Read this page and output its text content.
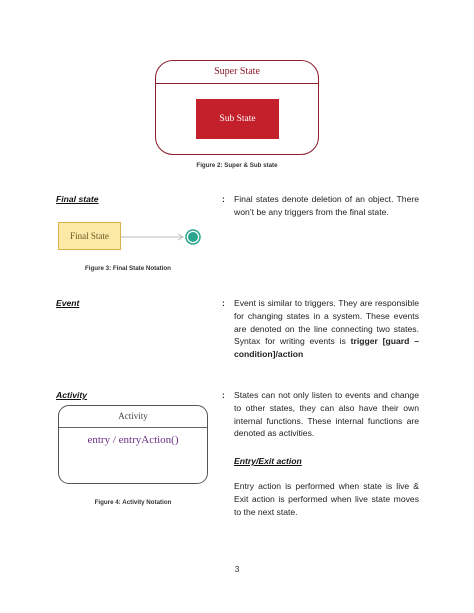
Super State
Sub State
Figure 2: Super & Sub state
Final state	: Final states denote deletion of an object. There won’t be any triggers from the final state.
Final State
Figure 3: Final State Notation
Event	: Event is similar to triggers. They are responsible for changing states in a system. These events are denoted on the line connecting two states. Syntax for writing events is trigger [guard – condition]/action
Activity	: States can not only listen to events and change to other states, they can also have their own internal functions. These internal functions are denoted as activities.
Activity
entry / entryAction()
Figure 4: Activity Notation
Entry/Exit action
Entry action is performed when state is live & Exit action is performed when live state moves to the next state.
3
